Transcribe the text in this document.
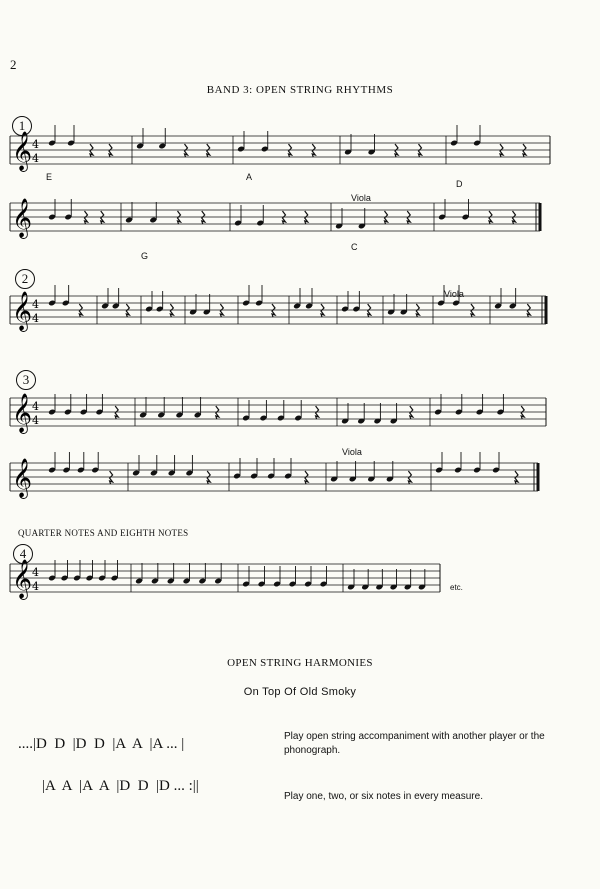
2
BAND 3: OPEN STRING RHYTHMS
𝄞 4
4
𝄞
𝄞 4
4
𝄞 4
4
𝄞
𝄞 4
4
1
2
3
4
E	A
D
G
C
Viola
Viola
Viola
QUARTER NOTES AND EIGHTH NOTES
etc.
OPEN STRING HARMONIES
On Top Of Old Smoky
....|D  D  |D  D  |A  A  |A ... |
|A  A  |A  A  |D  D  |D ... :||
Play open string accompaniment with another player or the phonograph.
Play one, two, or six notes in every measure.
